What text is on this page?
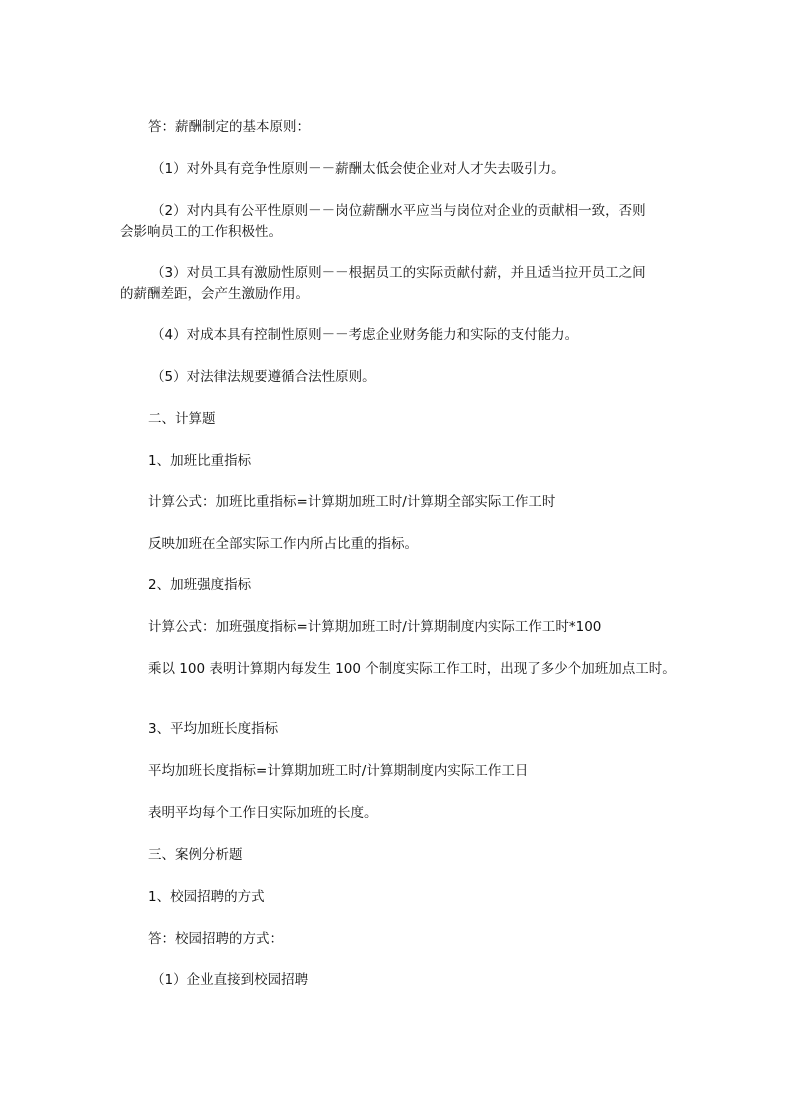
答：薪酬制定的基本原则：
（1）对外具有竞争性原则－－薪酬太低会使企业对人才失去吸引力。
（2）对内具有公平性原则－－岗位薪酬水平应当与岗位对企业的贡献相一致，否则
会影响员工的工作积极性。
（3）对员工具有激励性原则－－根据员工的实际贡献付薪，并且适当拉开员工之间
的薪酬差距，会产生激励作用。
（4）对成本具有控制性原则－－考虑企业财务能力和实际的支付能力。
（5）对法律法规要遵循合法性原则。
二、计算题
1、加班比重指标
计算公式：加班比重指标=计算期加班工时/计算期全部实际工作工时
反映加班在全部实际工作内所占比重的指标。
2、加班强度指标
计算公式：加班强度指标=计算期加班工时/计算期制度内实际工作工时*100
乘以 100 表明计算期内每发生 100 个制度实际工作工时，出现了多少个加班加点工时。
3、平均加班长度指标
平均加班长度指标=计算期加班工时/计算期制度内实际工作工日
表明平均每个工作日实际加班的长度。
三、案例分析题
1、校园招聘的方式
答：校园招聘的方式：
（1）企业直接到校园招聘
